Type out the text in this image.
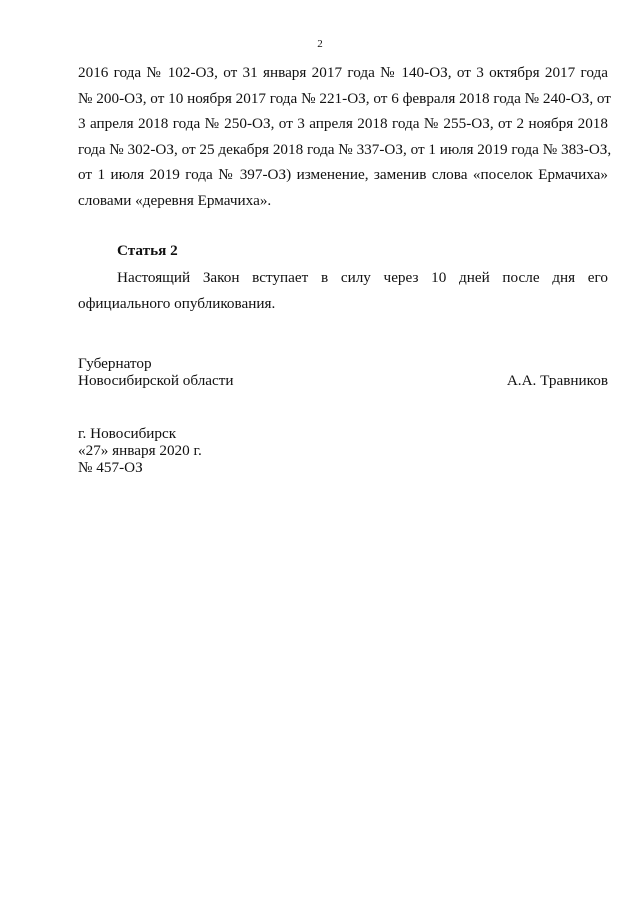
2
2016 года № 102-ОЗ, от 31 января 2017 года № 140-ОЗ, от 3 октября 2017 года
№ 200-ОЗ, от 10 ноября 2017 года № 221-ОЗ, от 6 февраля 2018 года № 240-ОЗ, от
3 апреля 2018 года № 250-ОЗ, от 3 апреля 2018 года № 255-ОЗ, от 2 ноября 2018
года № 302-ОЗ, от 25 декабря 2018 года № 337-ОЗ, от 1 июля 2019 года № 383-ОЗ,
от 1 июля 2019 года № 397-ОЗ) изменение, заменив слова «поселок Ермачиха»
словами «деревня Ермачиха».
Статья 2
Настоящий Закон вступает в силу через 10 дней после дня его
официального опубликования.
Губернатор
Новосибирской области	А.А. Травников
г. Новосибирск
«27» января 2020 г.
№ 457-ОЗ
